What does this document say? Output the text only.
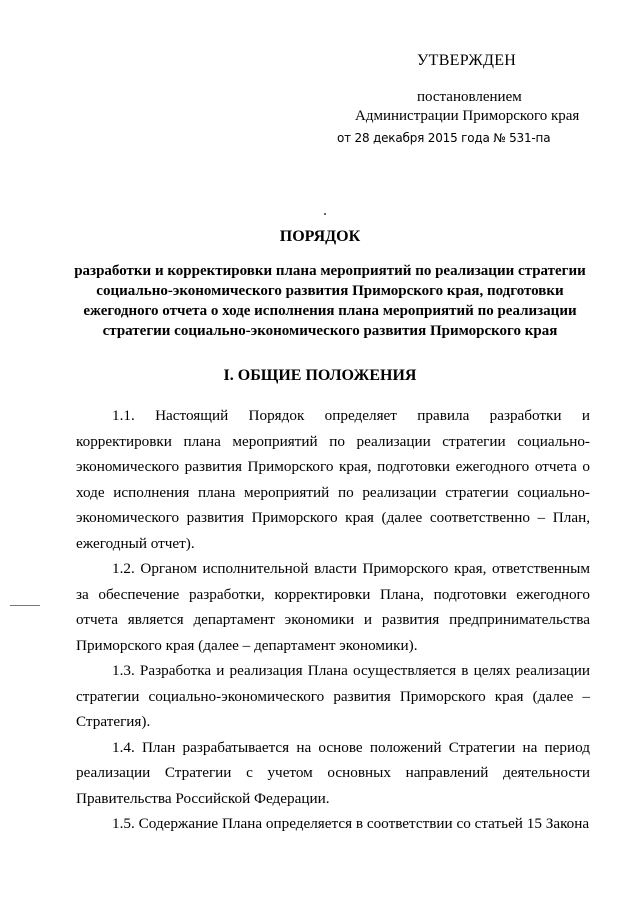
УТВЕРЖДЕН
постановлением
Администрации Приморского края
от 28 декабря 2015 года № 531-па
ПОРЯДОК
разработки и корректировки плана мероприятий по реализации стратегии социально-экономического развития Приморского края, подготовки ежегодного отчета о ходе исполнения плана мероприятий по реализации стратегии социально-экономического развития Приморского края
I. ОБЩИЕ ПОЛОЖЕНИЯ

1.1. Настоящий Порядок определяет правила разработки и корректировки плана мероприятий по реализации стратегии социально-экономического развития Приморского края, подготовки ежегодного отчета о ходе исполнения плана мероприятий по реализации стратегии социально-экономического развития Приморского края (далее соответственно – План, ежегодный отчет).

1.2. Органом исполнительной власти Приморского края, ответственным за обеспечение разработки, корректировки Плана, подготовки ежегодного отчета является департамент экономики и развития предпринимательства Приморского края (далее – департамент экономики).

1.3. Разработка и реализация Плана осуществляется в целях реализации стратегии социально-экономического развития Приморского края (далее – Стратегия).

1.4. План разрабатывается на основе положений Стратегии на период реализации Стратегии с учетом основных направлений деятельности Правительства Российской Федерации.

1.5. Содержание Плана определяется в соответствии со статьей 15 Закона
